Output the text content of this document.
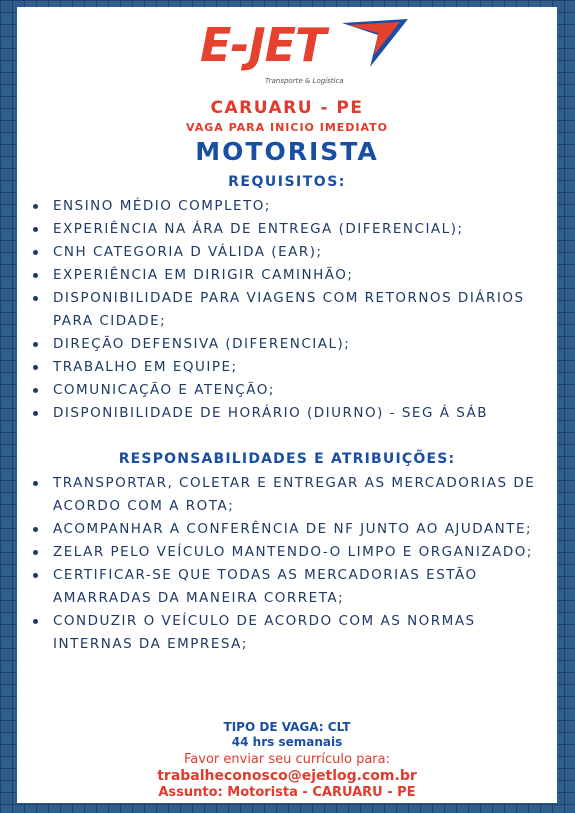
E-JET
Transporte & Logística
CARUARU - PE
VAGA PARA INICIO IMEDIATO
MOTORISTA
REQUISITOS:
ENSINO MÉDIO COMPLETO;
EXPERIÊNCIA NA ÁRA DE ENTREGA (DIFERENCIAL);
CNH CATEGORIA D VÁLIDA (EAR);
EXPERIÊNCIA EM DIRIGIR CAMINHÃO;
DISPONIBILIDADE PARA VIAGENS COM RETORNOS DIÁRIOS PARA CIDADE;
DIREÇÃO DEFENSIVA (DIFERENCIAL);
TRABALHO EM EQUIPE;
COMUNICAÇÃO E ATENÇÃO;
DISPONIBILIDADE DE HORÁRIO (DIURNO) - SEG Á SÁB
RESPONSABILIDADES E ATRIBUIÇÕES:
TRANSPORTAR, COLETAR E ENTREGAR AS MERCADORIAS DE ACORDO COM A ROTA;
ACOMPANHAR A CONFERÊNCIA DE NF JUNTO AO AJUDANTE;
ZELAR PELO VEÍCULO MANTENDO-O LIMPO E ORGANIZADO;
CERTIFICAR-SE QUE TODAS AS MERCADORIAS ESTÃO AMARRADAS DA MANEIRA CORRETA;
CONDUZIR O VEÍCULO DE ACORDO COM AS NORMAS INTERNAS DA EMPRESA;
TIPO DE VAGA: CLT
44 hrs semanais
Favor enviar seu currículo para:
trabalheconosco@ejetlog.com.br
Assunto: Motorista - CARUARU - PE
